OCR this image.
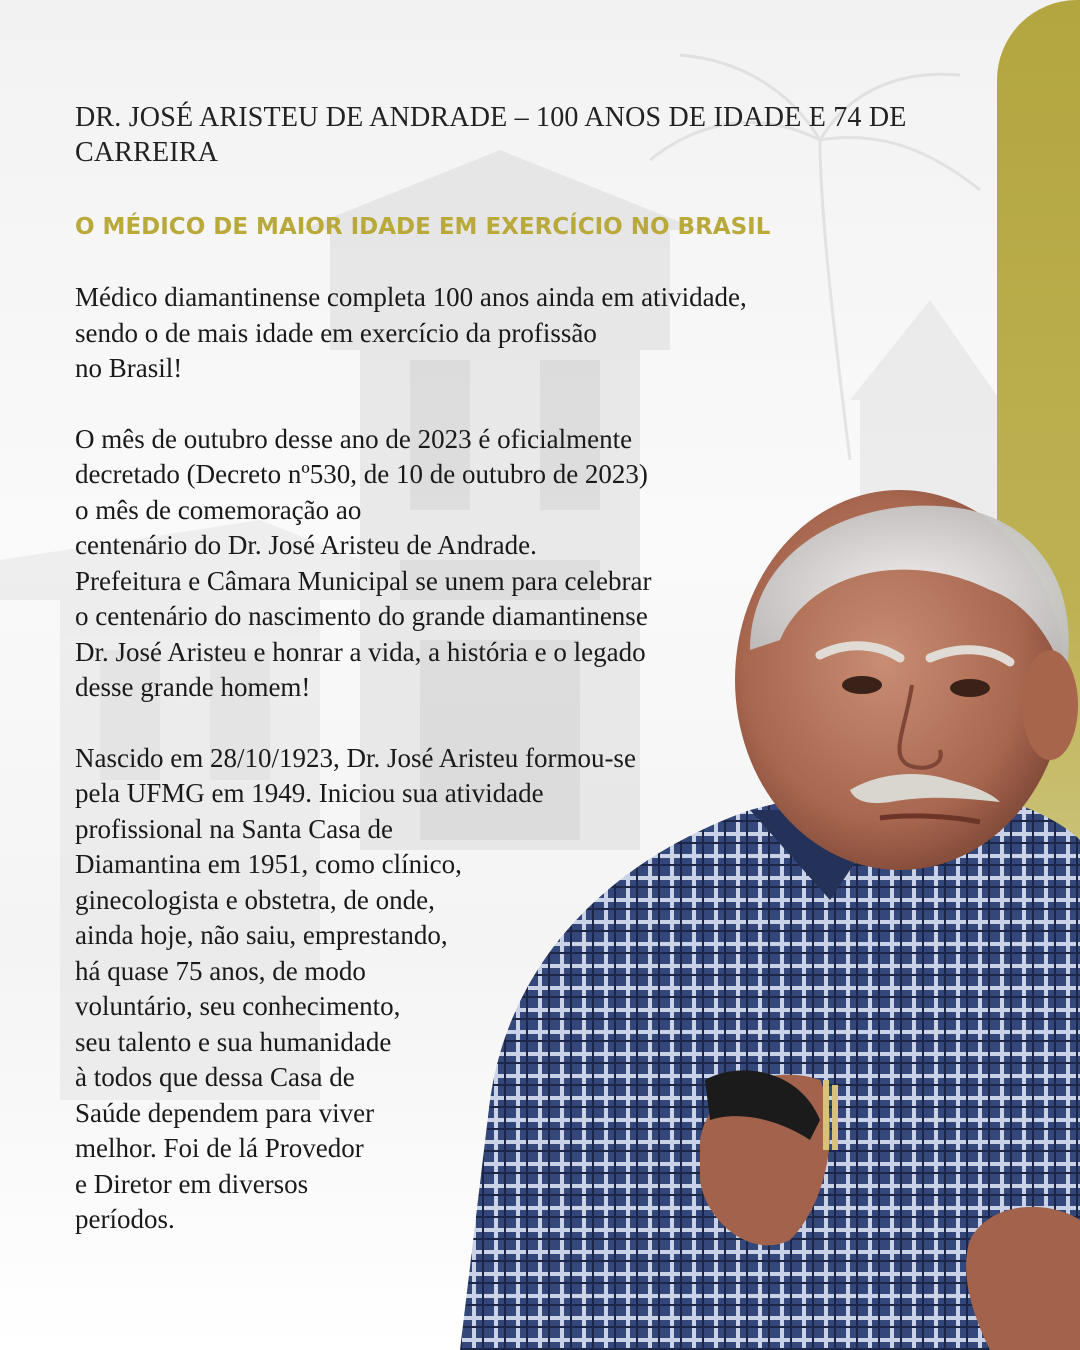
DR. JOSÉ ARISTEU DE ANDRADE – 100 ANOS DE IDADE E 74 DE CARREIRA
O MÉDICO DE MAIOR IDADE EM EXERCÍCIO NO BRASIL

Médico diamantinense completa 100 anos ainda em atividade,
sendo o de mais idade em exercício da profissão
no Brasil!

O mês de outubro desse ano de 2023 é oficialmente
decretado (Decreto nº530, de 10 de outubro de 2023)
o mês de comemoração ao
centenário do Dr. José Aristeu de Andrade.
Prefeitura e Câmara Municipal se unem para celebrar
o centenário do nascimento do grande diamantinense
Dr. José Aristeu e honrar a vida, a história e o legado
desse grande homem!

Nascido em 28/10/1923, Dr. José Aristeu formou-se
pela UFMG em 1949. Iniciou sua atividade
profissional na Santa Casa de
Diamantina em 1951, como clínico,
ginecologista e obstetra, de onde,
ainda hoje, não saiu, emprestando,
há quase 75 anos, de modo
voluntário, seu conhecimento,
seu talento e sua humanidade
à todos que dessa Casa de
Saúde dependem para viver
melhor. Foi de lá Provedor
e Diretor em diversos
períodos.
